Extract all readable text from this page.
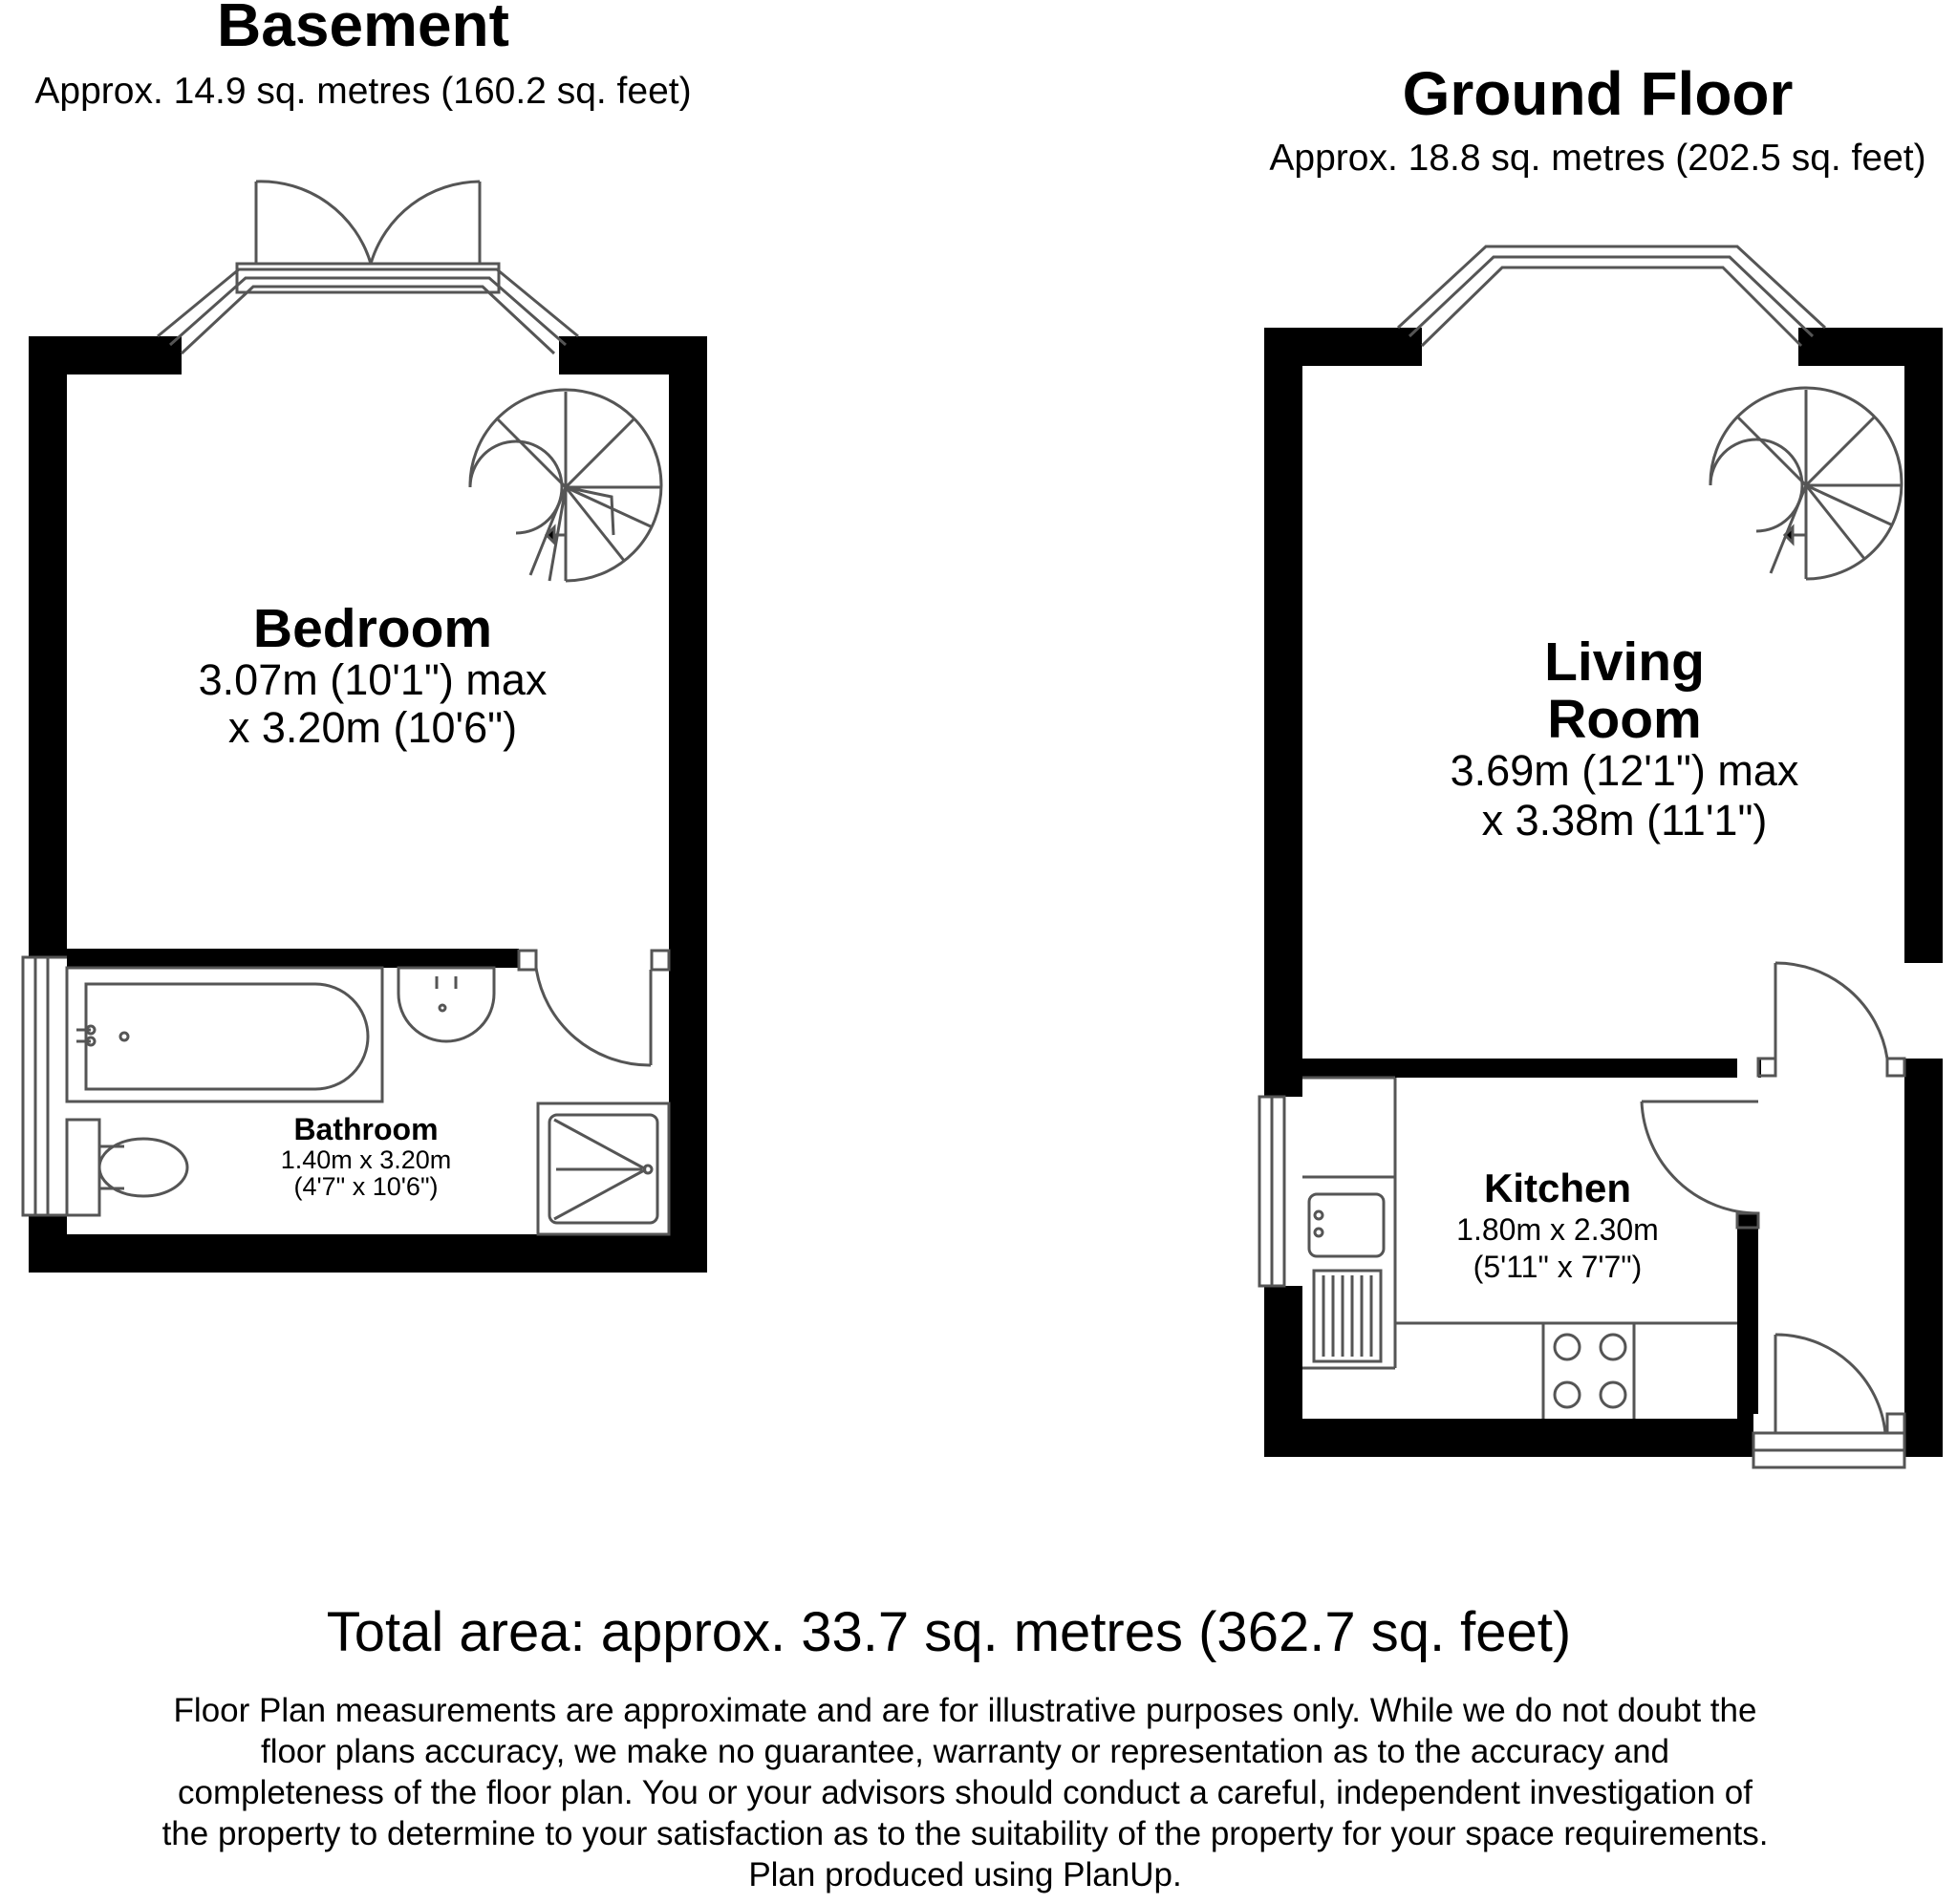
Basement
Approx. 14.9 sq. metres (160.2 sq. feet)
Bedroom
3.07m (10'1") max
x 3.20m (10'6")
Bathroom
1.40m x 3.20m
(4'7" x 10'6")
Ground Floor
Approx. 18.8 sq. metres (202.5 sq. feet)
Living
Room
3.69m (12'1") max
x 3.38m (11'1")
Kitchen
1.80m x 2.30m
(5'11" x 7'7")
Total area: approx. 33.7 sq. metres (362.7 sq. feet)
Floor Plan measurements are approximate and are for illustrative purposes only. While we do not doubt the
floor plans accuracy, we make no guarantee, warranty or representation as to the accuracy and
completeness of the floor plan. You or your advisors should conduct a careful, independent investigation of
the property to determine to your satisfaction as to the suitability of the property for your space requirements.
Plan produced using PlanUp.
